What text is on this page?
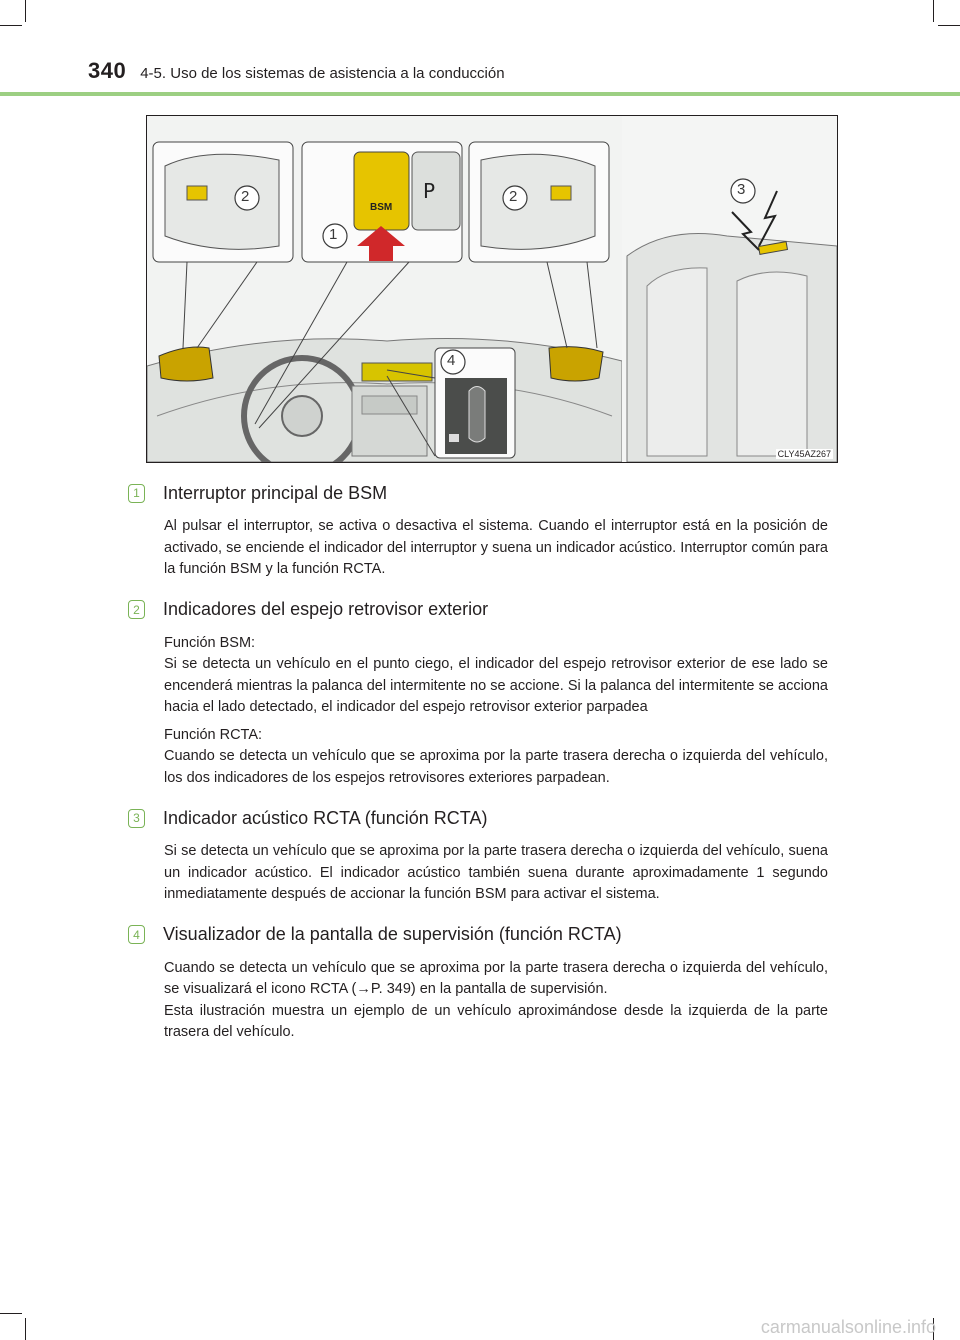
340 4-5. Uso de los sistemas de asistencia a la conducción
P
1
2	2	3
4
BSM
CLY45AZ267
1 Interruptor principal de BSM

Al pulsar el interruptor, se activa o desactiva el sistema. Cuando el interruptor está en la posición de activado, se enciende el indicador del interruptor y suena un indicador acústico. Interruptor común para la función BSM y la función RCTA.

2 Indicadores del espejo retrovisor exterior

Función BSM:

Si se detecta un vehículo en el punto ciego, el indicador del espejo retrovisor exterior de ese lado se encenderá mientras la palanca del intermitente no se accione. Si la palanca del intermitente se acciona hacia el lado detectado, el indicador del espejo retrovisor exterior parpadea

Función RCTA:

Cuando se detecta un vehículo que se aproxima por la parte trasera derecha o izquierda del vehículo, los dos indicadores de los espejos retrovisores exteriores parpadean.

3 Indicador acústico RCTA (función RCTA)

Si se detecta un vehículo que se aproxima por la parte trasera derecha o izquierda del vehículo, suena un indicador acústico. El indicador acústico también suena durante aproximadamente 1 segundo inmediatamente después de accionar la función BSM para activar el sistema.

4 Visualizador de la pantalla de supervisión (función RCTA)

Cuando se detecta un vehículo que se aproxima por la parte trasera derecha o izquierda del vehículo, se visualizará el icono RCTA (→P. 349) en la pantalla de supervisión.

Esta ilustración muestra un ejemplo de un vehículo aproximándose desde la izquierda de la parte trasera del vehículo.

carmanualsonline.info
